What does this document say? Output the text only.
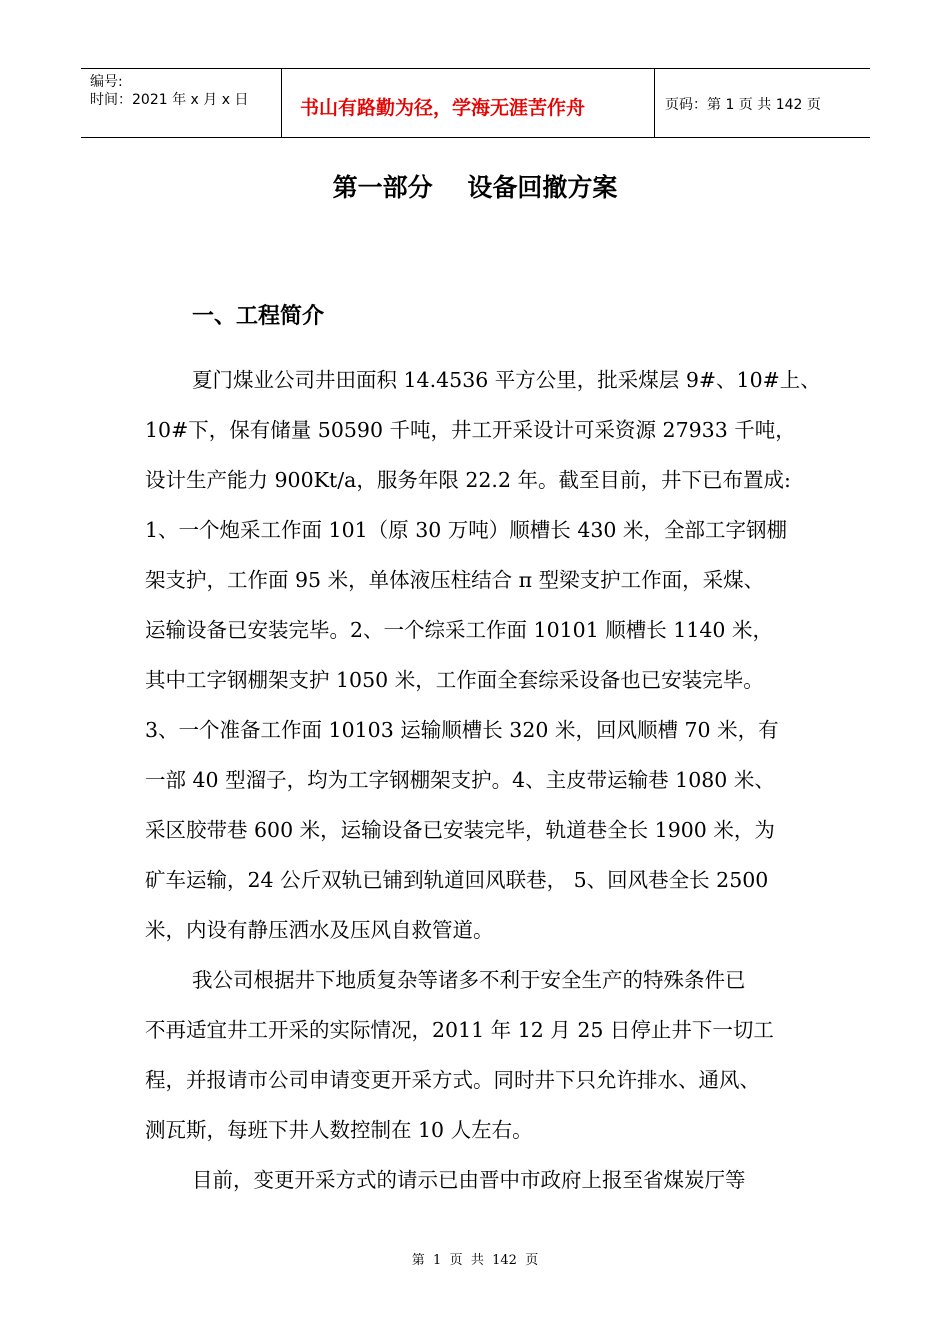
编号:
时间：2021 年 x 月 x 日	书山有路勤为径，学海无涯苦作舟	页码：第 1 页 共 142 页
第一部分    设备回撤方案
一、工程简介
夏门煤业公司井田面积 14.4536 平方公里，批采煤层 9#、10#上、
10#下，保有储量 50590 千吨，井工开采设计可采资源 27933 千吨，
设计生产能力 900Kt/a，服务年限 22.2 年。截至目前，井下已布置成:
1、一个炮采工作面 101（原 30 万吨）顺槽长 430 米，全部工字钢棚
架支护，工作面 95 米，单体液压柱结合 π 型梁支护工作面，采煤、
运输设备已安装完毕。2、一个综采工作面 10101 顺槽长 1140 米，
其中工字钢棚架支护 1050 米，工作面全套综采设备也已安装完毕。
3、一个准备工作面 10103 运输顺槽长 320 米，回风顺槽 70 米，有
一部 40 型溜子，均为工字钢棚架支护。4、主皮带运输巷 1080 米、
采区胶带巷 600 米，运输设备已安装完毕，轨道巷全长 1900 米，为
矿车运输，24 公斤双轨已铺到轨道回风联巷， 5、回风巷全长 2500
米，内设有静压洒水及压风自救管道。
我公司根据井下地质复杂等诸多不利于安全生产的特殊条件已
不再适宜井工开采的实际情况，2011 年 12 月 25 日停止井下一切工
程，并报请市公司申请变更开采方式。同时井下只允许排水、通风、
测瓦斯，每班下井人数控制在 10 人左右。
目前，变更开采方式的请示已由晋中市政府上报至省煤炭厅等
第  1  页  共  142  页
